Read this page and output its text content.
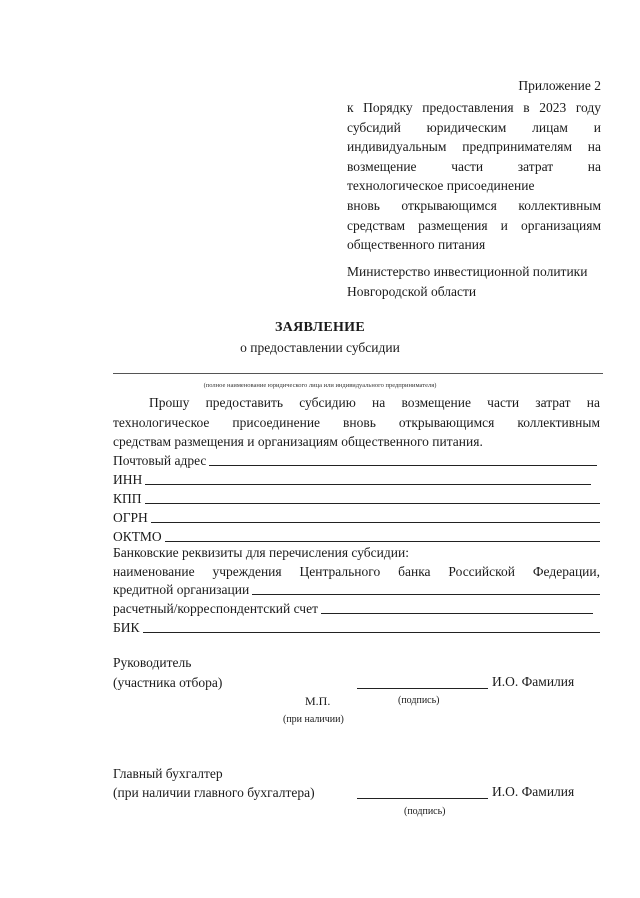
Приложение 2
к Порядку предоставления в 2023 году
субсидий юридическим лицам и
индивидуальным предпринимателям на
возмещение части затрат на
технологическое присоединение
вновь открывающимся коллективным
средствам размещения и организациям
общественного питания
Министерство инвестиционной политики
Новгородской области
ЗАЯВЛЕНИЕ
о предоставлении субсидии
(полное наименование юридического лица или индивидуального предпринимателя)
Прошу предоставить субсидию на возмещение части затрат на
технологическое присоединение вновь открывающимся коллективным
средствам размещения и организациям общественного питания.
Почтовый адрес
ИНН
КПП
ОГРН
ОКТМО
Банковские реквизиты для перечисления субсидии:
наименование учреждения Центрального банка Российской Федерации,
кредитной организации
расчетный/корреспондентский счет
БИК
Руководитель
(участника отбора)	И.О. Фамилия
М.П.	(подпись)
(при наличии)
Главный бухгалтер
(при наличии главного бухгалтера)	И.О. Фамилия
(подпись)
